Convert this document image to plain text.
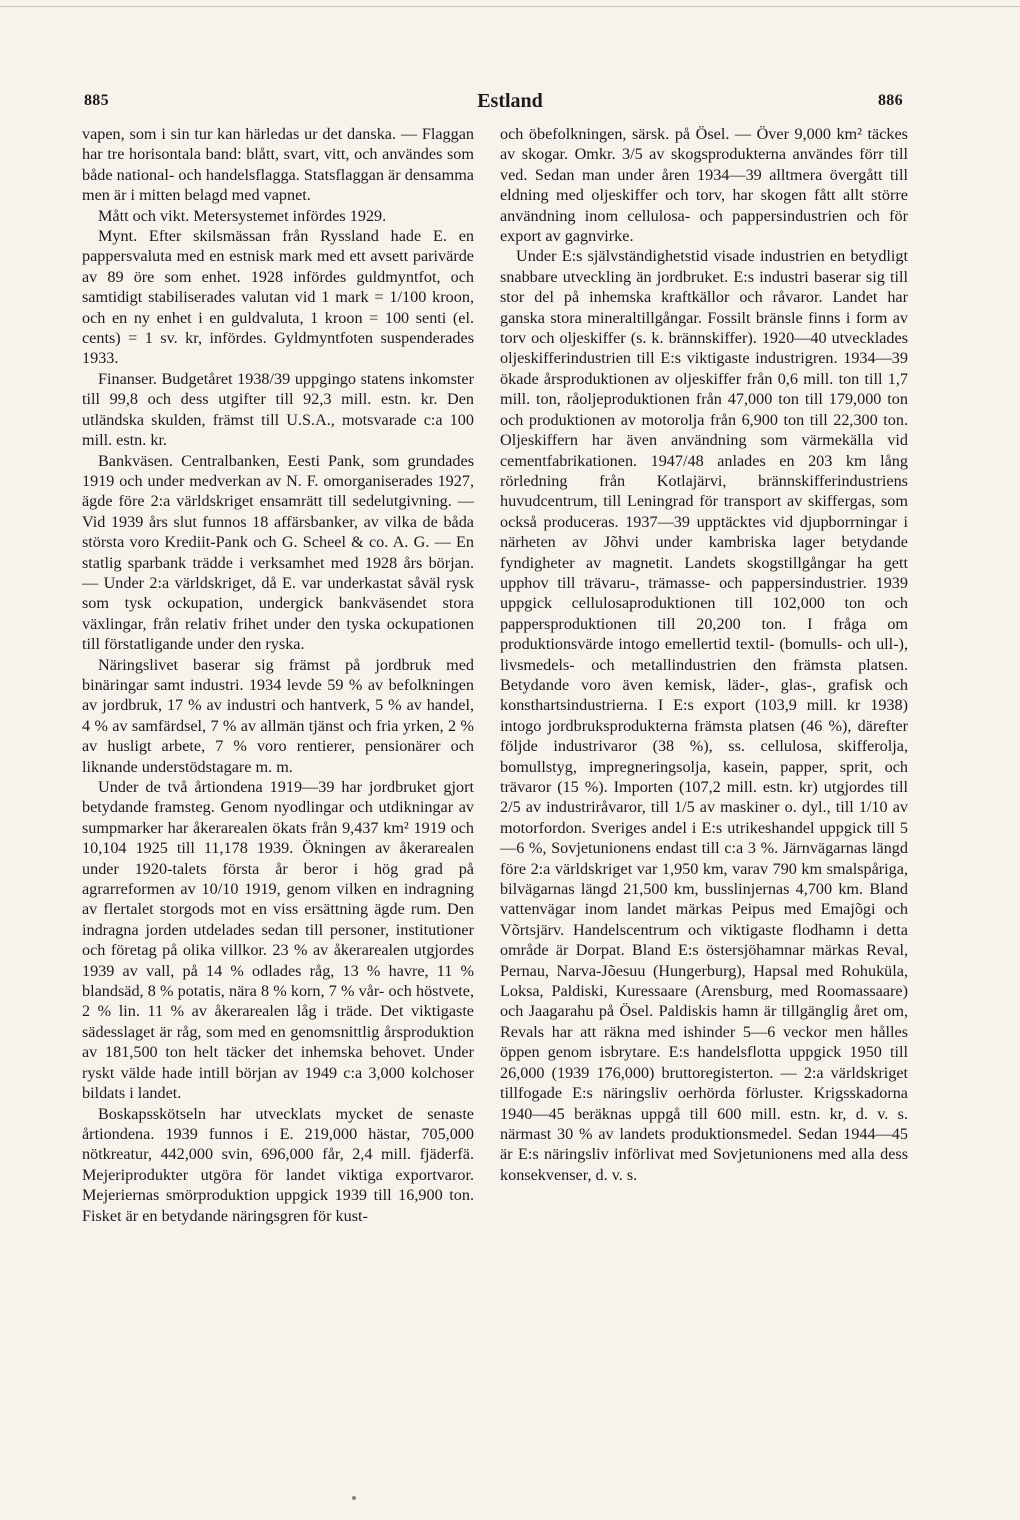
885	Estland	886

vapen, som i sin tur kan härledas ur det danska. — Flaggan har tre horisontala band: blått, svart, vitt, och användes som både national- och handelsflagga. Statsflaggan är densamma men är i mitten belagd med vapnet.

Mått och vikt. Metersystemet infördes 1929.

Mynt. Efter skilsmässan från Ryssland hade E. en pappersvaluta med en estnisk mark med ett avsett parivärde av 89 öre som enhet. 1928 infördes guldmyntfot, och samtidigt stabiliserades valutan vid 1 mark = 1/100 kroon, och en ny enhet i en guldvaluta, 1 kroon = 100 senti (el. cents) = 1 sv. kr, infördes. Gyldmyntfoten suspenderades 1933.

Finanser. Budgetåret 1938/39 uppgingo statens inkomster till 99,8 och dess utgifter till 92,3 mill. estn. kr. Den utländska skulden, främst till U.S.A., motsvarade c:a 100 mill. estn. kr.

Bankväsen. Centralbanken, Eesti Pank, som grundades 1919 och under medverkan av N. F. omorganiserades 1927, ägde före 2:a världskriget ensamrätt till sedelutgivning. — Vid 1939 års slut funnos 18 affärsbanker, av vilka de båda största voro Krediit-Pank och G. Scheel & co. A. G. — En statlig sparbank trädde i verksamhet med 1928 års början. — Under 2:a världskriget, då E. var underkastat såväl rysk som tysk ockupation, undergick bankväsendet stora växlingar, från relativ frihet under den tyska ockupationen till förstatligande under den ryska.

Näringslivet baserar sig främst på jordbruk med binäringar samt industri. 1934 levde 59 % av befolkningen av jordbruk, 17 % av industri och hantverk, 5 % av handel, 4 % av samfärdsel, 7 % av allmän tjänst och fria yrken, 2 % av husligt arbete, 7 % voro rentierer, pensionärer och liknande understödstagare m. m.

Under de två årtiondena 1919—39 har jordbruket gjort betydande framsteg. Genom nyodlingar och utdikningar av sumpmarker har åkerarealen ökats från 9,437 km² 1919 och 10,104 1925 till 11,178 1939. Ökningen av åkerarealen under 1920-talets första år beror i hög grad på agrarreformen av 10/10 1919, genom vilken en indragning av flertalet storgods mot en viss ersättning ägde rum. Den indragna jorden utdelades sedan till personer, institutioner och företag på olika villkor. 23 % av åkerarealen utgjordes 1939 av vall, på 14 % odlades råg, 13 % havre, 11 % blandsäd, 8 % potatis, nära 8 % korn, 7 % vår- och höstvete, 2 % lin. 11 % av åkerarealen låg i träde. Det viktigaste sädesslaget är råg, som med en genomsnittlig årsproduktion av 181,500 ton helt täcker det inhemska behovet. Under ryskt välde hade intill början av 1949 c:a 3,000 kolchoser bildats i landet.

Boskapsskötseln har utvecklats mycket de senaste årtiondena. 1939 funnos i E. 219,000 hästar, 705,000 nötkreatur, 442,000 svin, 696,000 får, 2,4 mill. fjäderfä. Mejeriprodukter utgöra för landet viktiga exportvaror. Mejeriernas smörproduktion uppgick 1939 till 16,900 ton. Fisket är en betydande näringsgren för kust-

och öbefolkningen, särsk. på Ösel. — Över 9,000 km² täckes av skogar. Omkr. 3/5 av skogsprodukterna användes förr till ved. Sedan man under åren 1934—39 alltmera övergått till eldning med oljeskiffer och torv, har skogen fått allt större användning inom cellulosa- och pappersindustrien och för export av gagnvirke.

Under E:s självständighetstid visade industrien en betydligt snabbare utveckling än jordbruket. E:s industri baserar sig till stor del på inhemska kraftkällor och råvaror. Landet har ganska stora mineraltillgångar. Fossilt bränsle finns i form av torv och oljeskiffer (s. k. brännskiffer). 1920—40 utvecklades oljeskifferindustrien till E:s viktigaste industrigren. 1934—39 ökade årsproduktionen av oljeskiffer från 0,6 mill. ton till 1,7 mill. ton, råoljeproduktionen från 47,000 ton till 179,000 ton och produktionen av motorolja från 6,900 ton till 22,300 ton. Oljeskiffern har även användning som värmekälla vid cementfabrikationen. 1947/48 anlades en 203 km lång rörledning från Kotlajärvi, brännskifferindustriens huvudcentrum, till Leningrad för transport av skiffergas, som också produceras. 1937—39 upptäcktes vid djupborrningar i närheten av Jõhvi under kambriska lager betydande fyndigheter av magnetit. Landets skogstillgångar ha gett upphov till trävaru-, trämasse- och pappersindustrier. 1939 uppgick cellulosaproduktionen till 102,000 ton och pappersproduktionen till 20,200 ton. I fråga om produktionsvärde intogo emellertid textil- (bomulls- och ull-), livsmedels- och metallindustrien den främsta platsen. Betydande voro även kemisk, läder-, glas-, grafisk och konsthartsindustrierna. I E:s export (103,9 mill. kr 1938) intogo jordbruksprodukterna främsta platsen (46 %), därefter följde industrivaror (38 %), ss. cellulosa, skifferolja, bomullstyg, impregneringsolja, kasein, papper, sprit, och trävaror (15 %). Importen (107,2 mill. estn. kr) utgjordes till 2/5 av industriråvaror, till 1/5 av maskiner o. dyl., till 1/10 av motorfordon. Sveriges andel i E:s utrikeshandel uppgick till 5—6 %, Sovjetunionens endast till c:a 3 %. Järnvägarnas längd före 2:a världskriget var 1,950 km, varav 790 km smalspåriga, bilvägarnas längd 21,500 km, busslinjernas 4,700 km. Bland vattenvägar inom landet märkas Peipus med Emajõgi och Võrtsjärv. Handelscentrum och viktigaste flodhamn i detta område är Dorpat. Bland E:s östersjöhamnar märkas Reval, Pernau, Narva-Jõesuu (Hungerburg), Hapsal med Rohuküla, Loksa, Paldiski, Kuressaare (Arensburg, med Roomassaare) och Jaagarahu på Ösel. Paldiskis hamn är tillgänglig året om, Revals har att räkna med ishinder 5—6 veckor men hålles öppen genom isbrytare. E:s handelsflotta uppgick 1950 till 26,000 (1939 176,000) bruttoregisterton. — 2:a världskriget tillfogade E:s näringsliv oerhörda förluster. Krigsskadorna 1940—45 beräknas uppgå till 600 mill. estn. kr, d. v. s. närmast 30 % av landets produktionsmedel. Sedan 1944—45 är E:s näringsliv införlivat med Sovjetunionens med alla dess konsekvenser, d. v. s.
